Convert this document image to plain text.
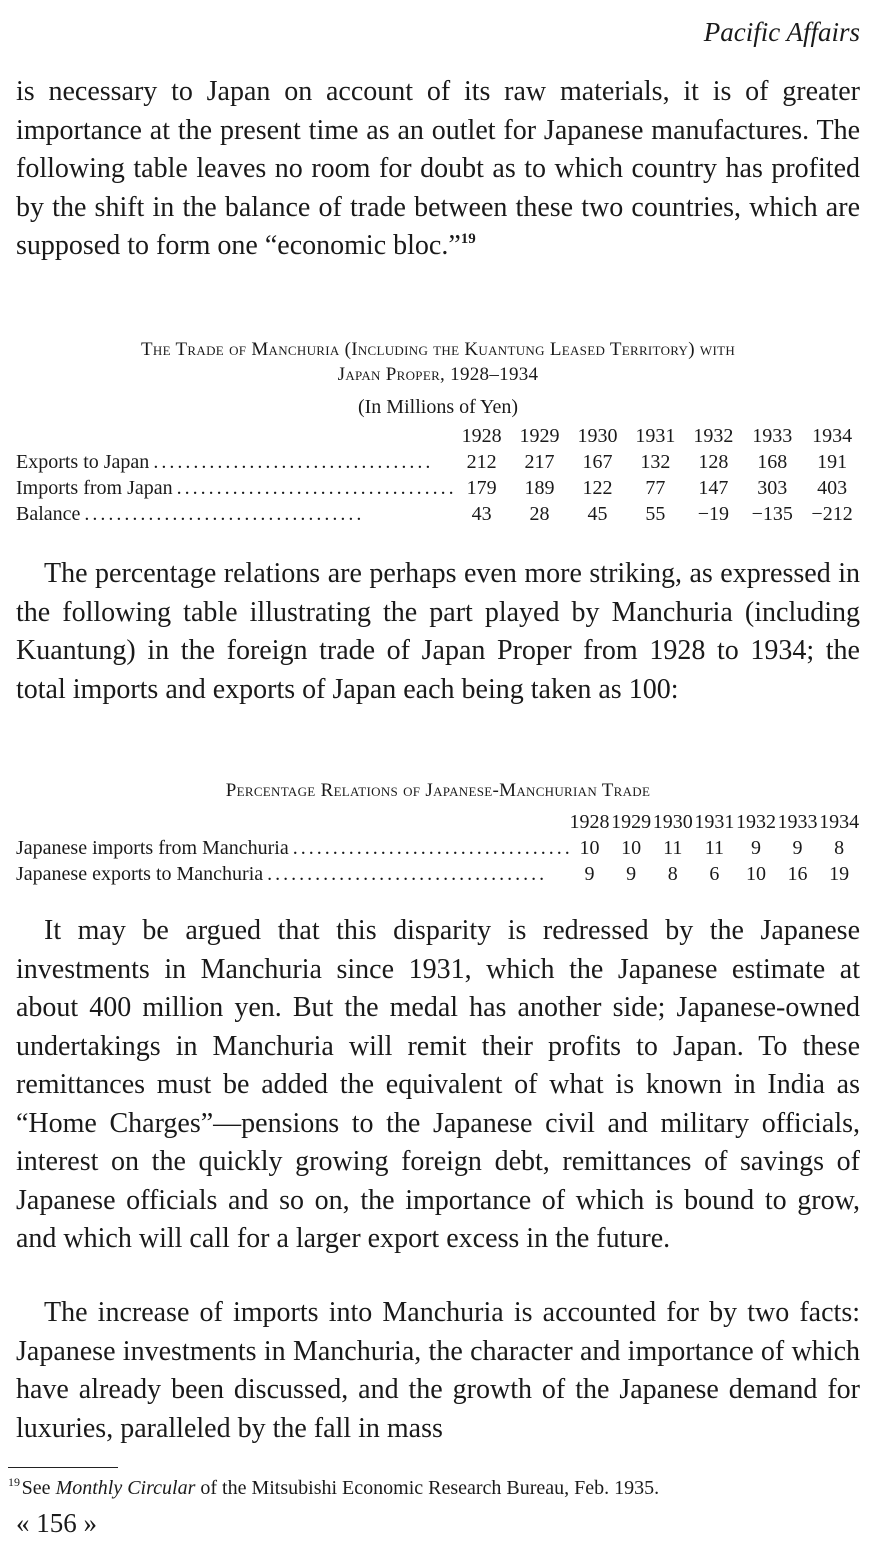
Pacific Affairs

is necessary to Japan on account of its raw materials, it is of greater importance at the present time as an outlet for Japanese manufactures. The following table leaves no room for doubt as to which country has profited by the shift in the balance of trade between these two countries, which are supposed to form one “economic bloc.”$^{19}$

The Trade of Manchuria (Including the Kuantung Leased Territory) with
Japan Proper, 1928–1934
(In Millions of Yen)
	1928	1929	1930	1931	1932	1933	1934

Exports to Japan . . .	212	217	167	132	128	168	191

Imports from Japan . . .	179	189	122	77	147	303	403

Balance . . .	43	28	45	55	−19	−135	−212

The percentage relations are perhaps even more striking, as expressed in the following table illustrating the part played by Manchuria (including Kuantung) in the foreign trade of Japan Proper from 1928 to 1934; the total imports and exports of Japan each being taken as 100:

Percentage Relations of Japanese-Manchurian Trade
	1928	1929	1930	1931	1932	1933	1934

Japanese imports from Manchuria . . .	10	10	11	11	9	9	8

Japanese exports to Manchuria . . .	9	9	8	6	10	16	19

It may be argued that this disparity is redressed by the Japanese investments in Manchuria since 1931, which the Japanese estimate at about 400 million yen. But the medal has another side; Japanese-owned undertakings in Manchuria will remit their profits to Japan. To these remittances must be added the equivalent of what is known in India as “Home Charges”—pensions to the Japanese civil and military officials, interest on the quickly growing foreign debt, remittances of savings of Japanese officials and so on, the importance of which is bound to grow, and which will call for a larger export excess in the future.

The increase of imports into Manchuria is accounted for by two facts: Japanese investments in Manchuria, the character and importance of which have already been discussed, and the growth of the Japanese demand for luxuries, paralleled by the fall in mass

$^{19}$ See Monthly Circular of the Mitsubishi Economic Research Bureau, Feb. 1935.
« 156 »
